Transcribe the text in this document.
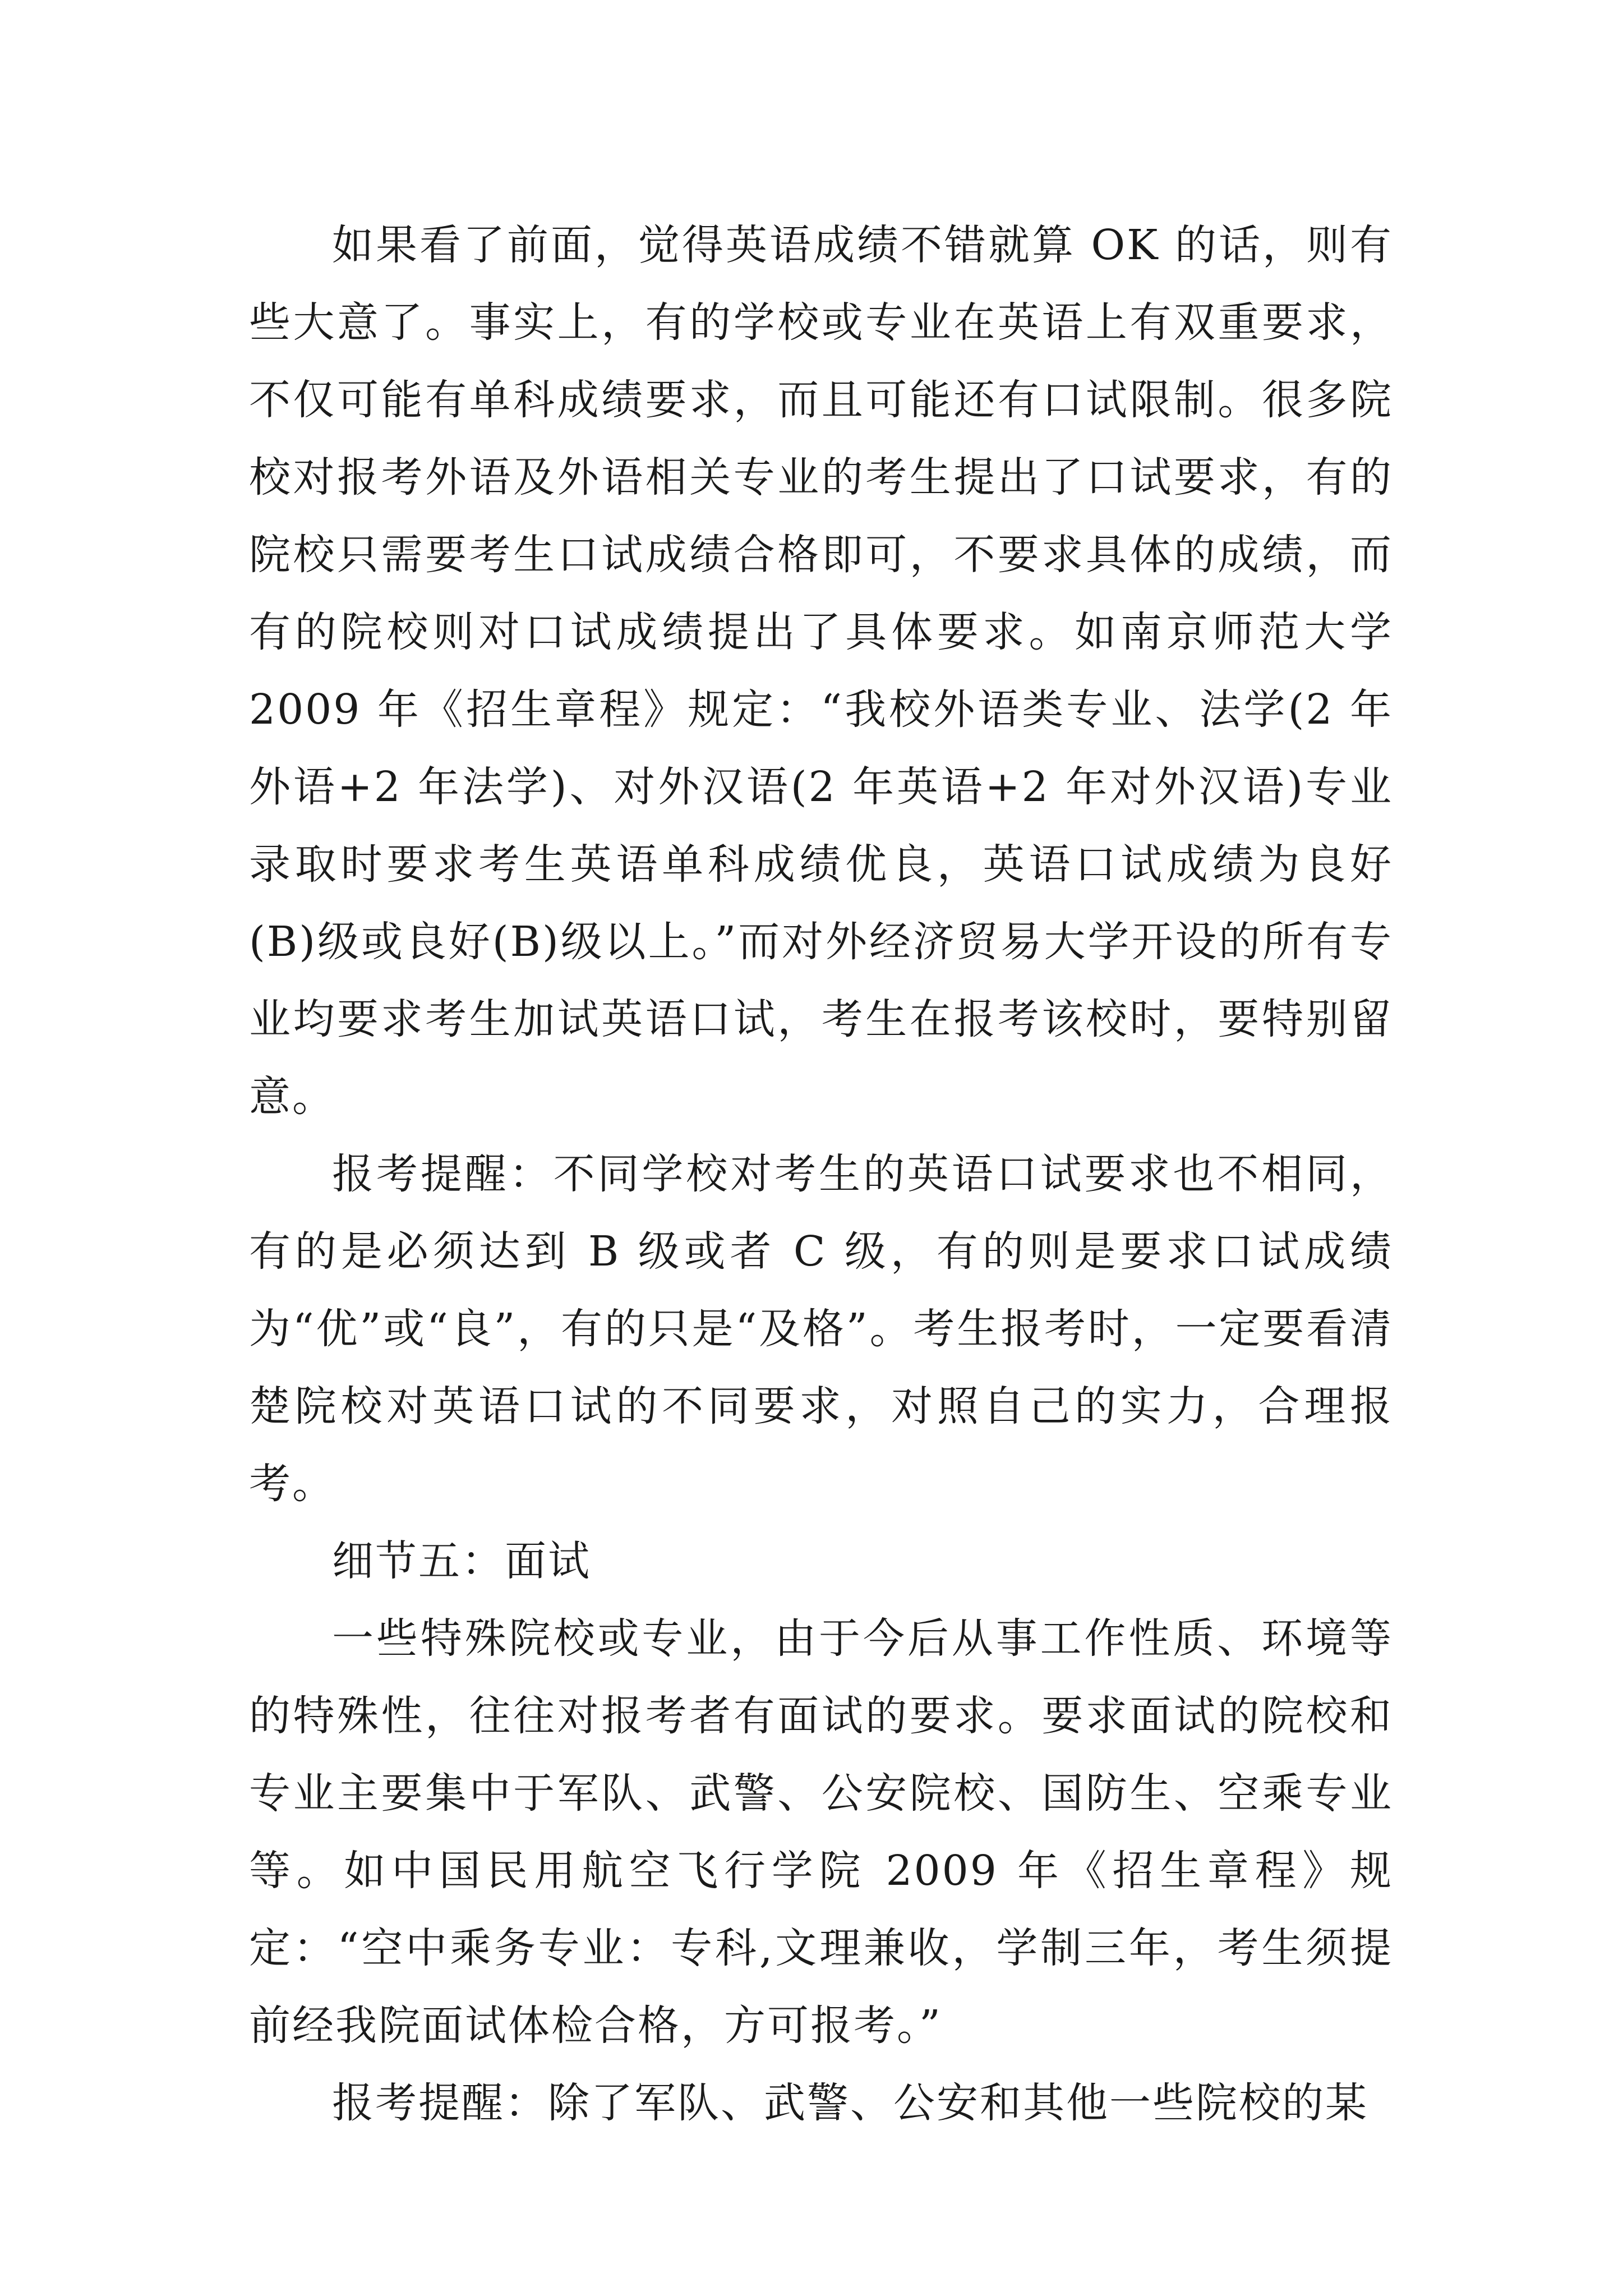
如果看了前面，觉得英语成绩不错就算 OK 的话，则有些大意了。事实上，有的学校或专业在英语上有双重要求，不仅可能有单科成绩要求，而且可能还有口试限制。很多院校对报考外语及外语相关专业的考生提出了口试要求，有的院校只需要考生口试成绩合格即可，不要求具体的成绩，而有的院校则对口试成绩提出了具体要求。如南京师范大学 2009 年《招生章程》规定：“我校外语类专业、法学(2 年外语+2 年法学)、对外汉语(2 年英语+2 年对外汉语)专业录取时要求考生英语单科成绩优良，英语口试成绩为良好(B)级或良好(B)级以上。”而对外经济贸易大学开设的所有专业均要求考生加试英语口试，考生在报考该校时，要特别留意。

报考提醒：不同学校对考生的英语口试要求也不相同，有的是必须达到 B 级或者 C 级，有的则是要求口试成绩为“优”或“良”，有的只是“及格”。考生报考时，一定要看清楚院校对英语口试的不同要求，对照自己的实力，合理报考。

细节五：面试

一些特殊院校或专业，由于今后从事工作性质、环境等的特殊性，往往对报考者有面试的要求。要求面试的院校和专业主要集中于军队、武警、公安院校、国防生、空乘专业等。如中国民用航空飞行学院 2009 年《招生章程》规定：“空中乘务专业：专科,文理兼收，学制三年，考生须提前经我院面试体检合格，方可报考。”

报考提醒：除了军队、武警、公安和其他一些院校的某
